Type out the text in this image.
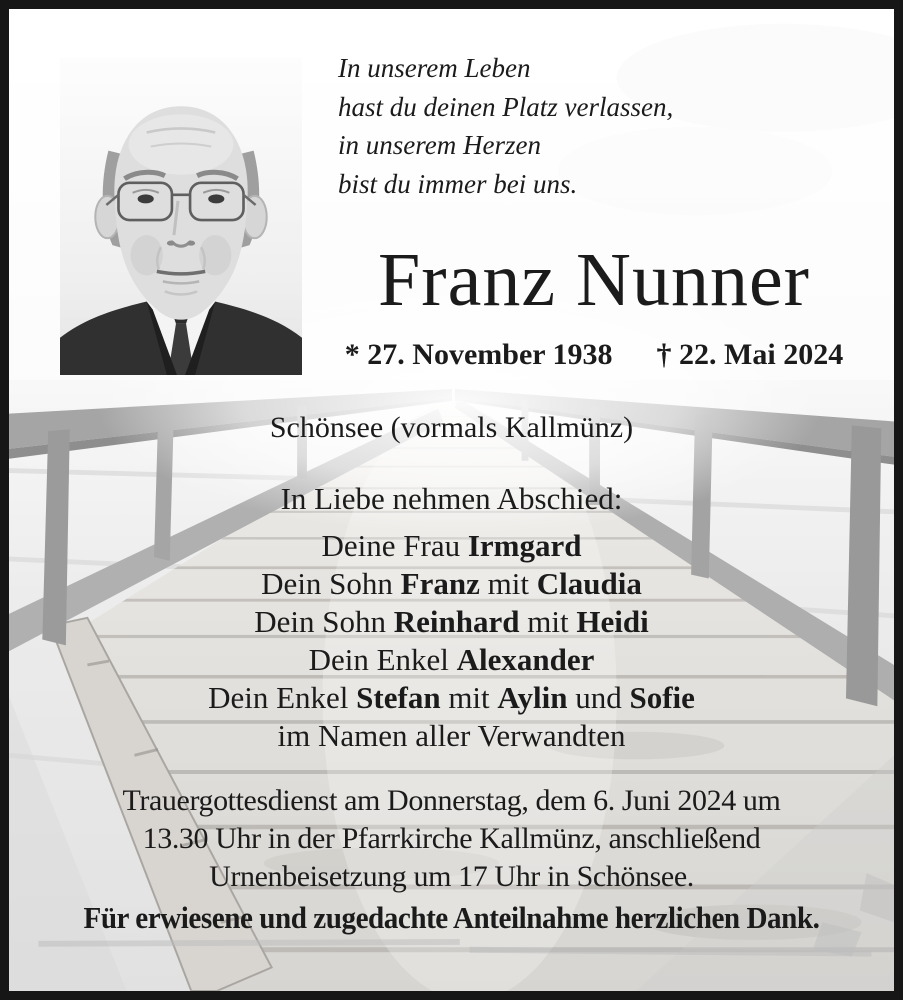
In unserem Leben
hast du deinen Platz verlassen,
in unserem Herzen
bist du immer bei uns.
Franz Nunner
* 27. November 1938 † 22. Mai 2024
Schönsee (vormals Kallmünz)
In Liebe nehmen Abschied:
Deine Frau Irmgard
Dein Sohn Franz mit Claudia
Dein Sohn Reinhard mit Heidi
Dein Enkel Alexander
Dein Enkel Stefan mit Aylin und Sofie
im Namen aller Verwandten
Trauergottesdienst am Donnerstag, dem 6. Juni 2024 um
13.30 Uhr in der Pfarrkirche Kallmünz, anschließend
Urnenbeisetzung um 17 Uhr in Schönsee.
Für erwiesene und zugedachte Anteilnahme herzlichen Dank.
